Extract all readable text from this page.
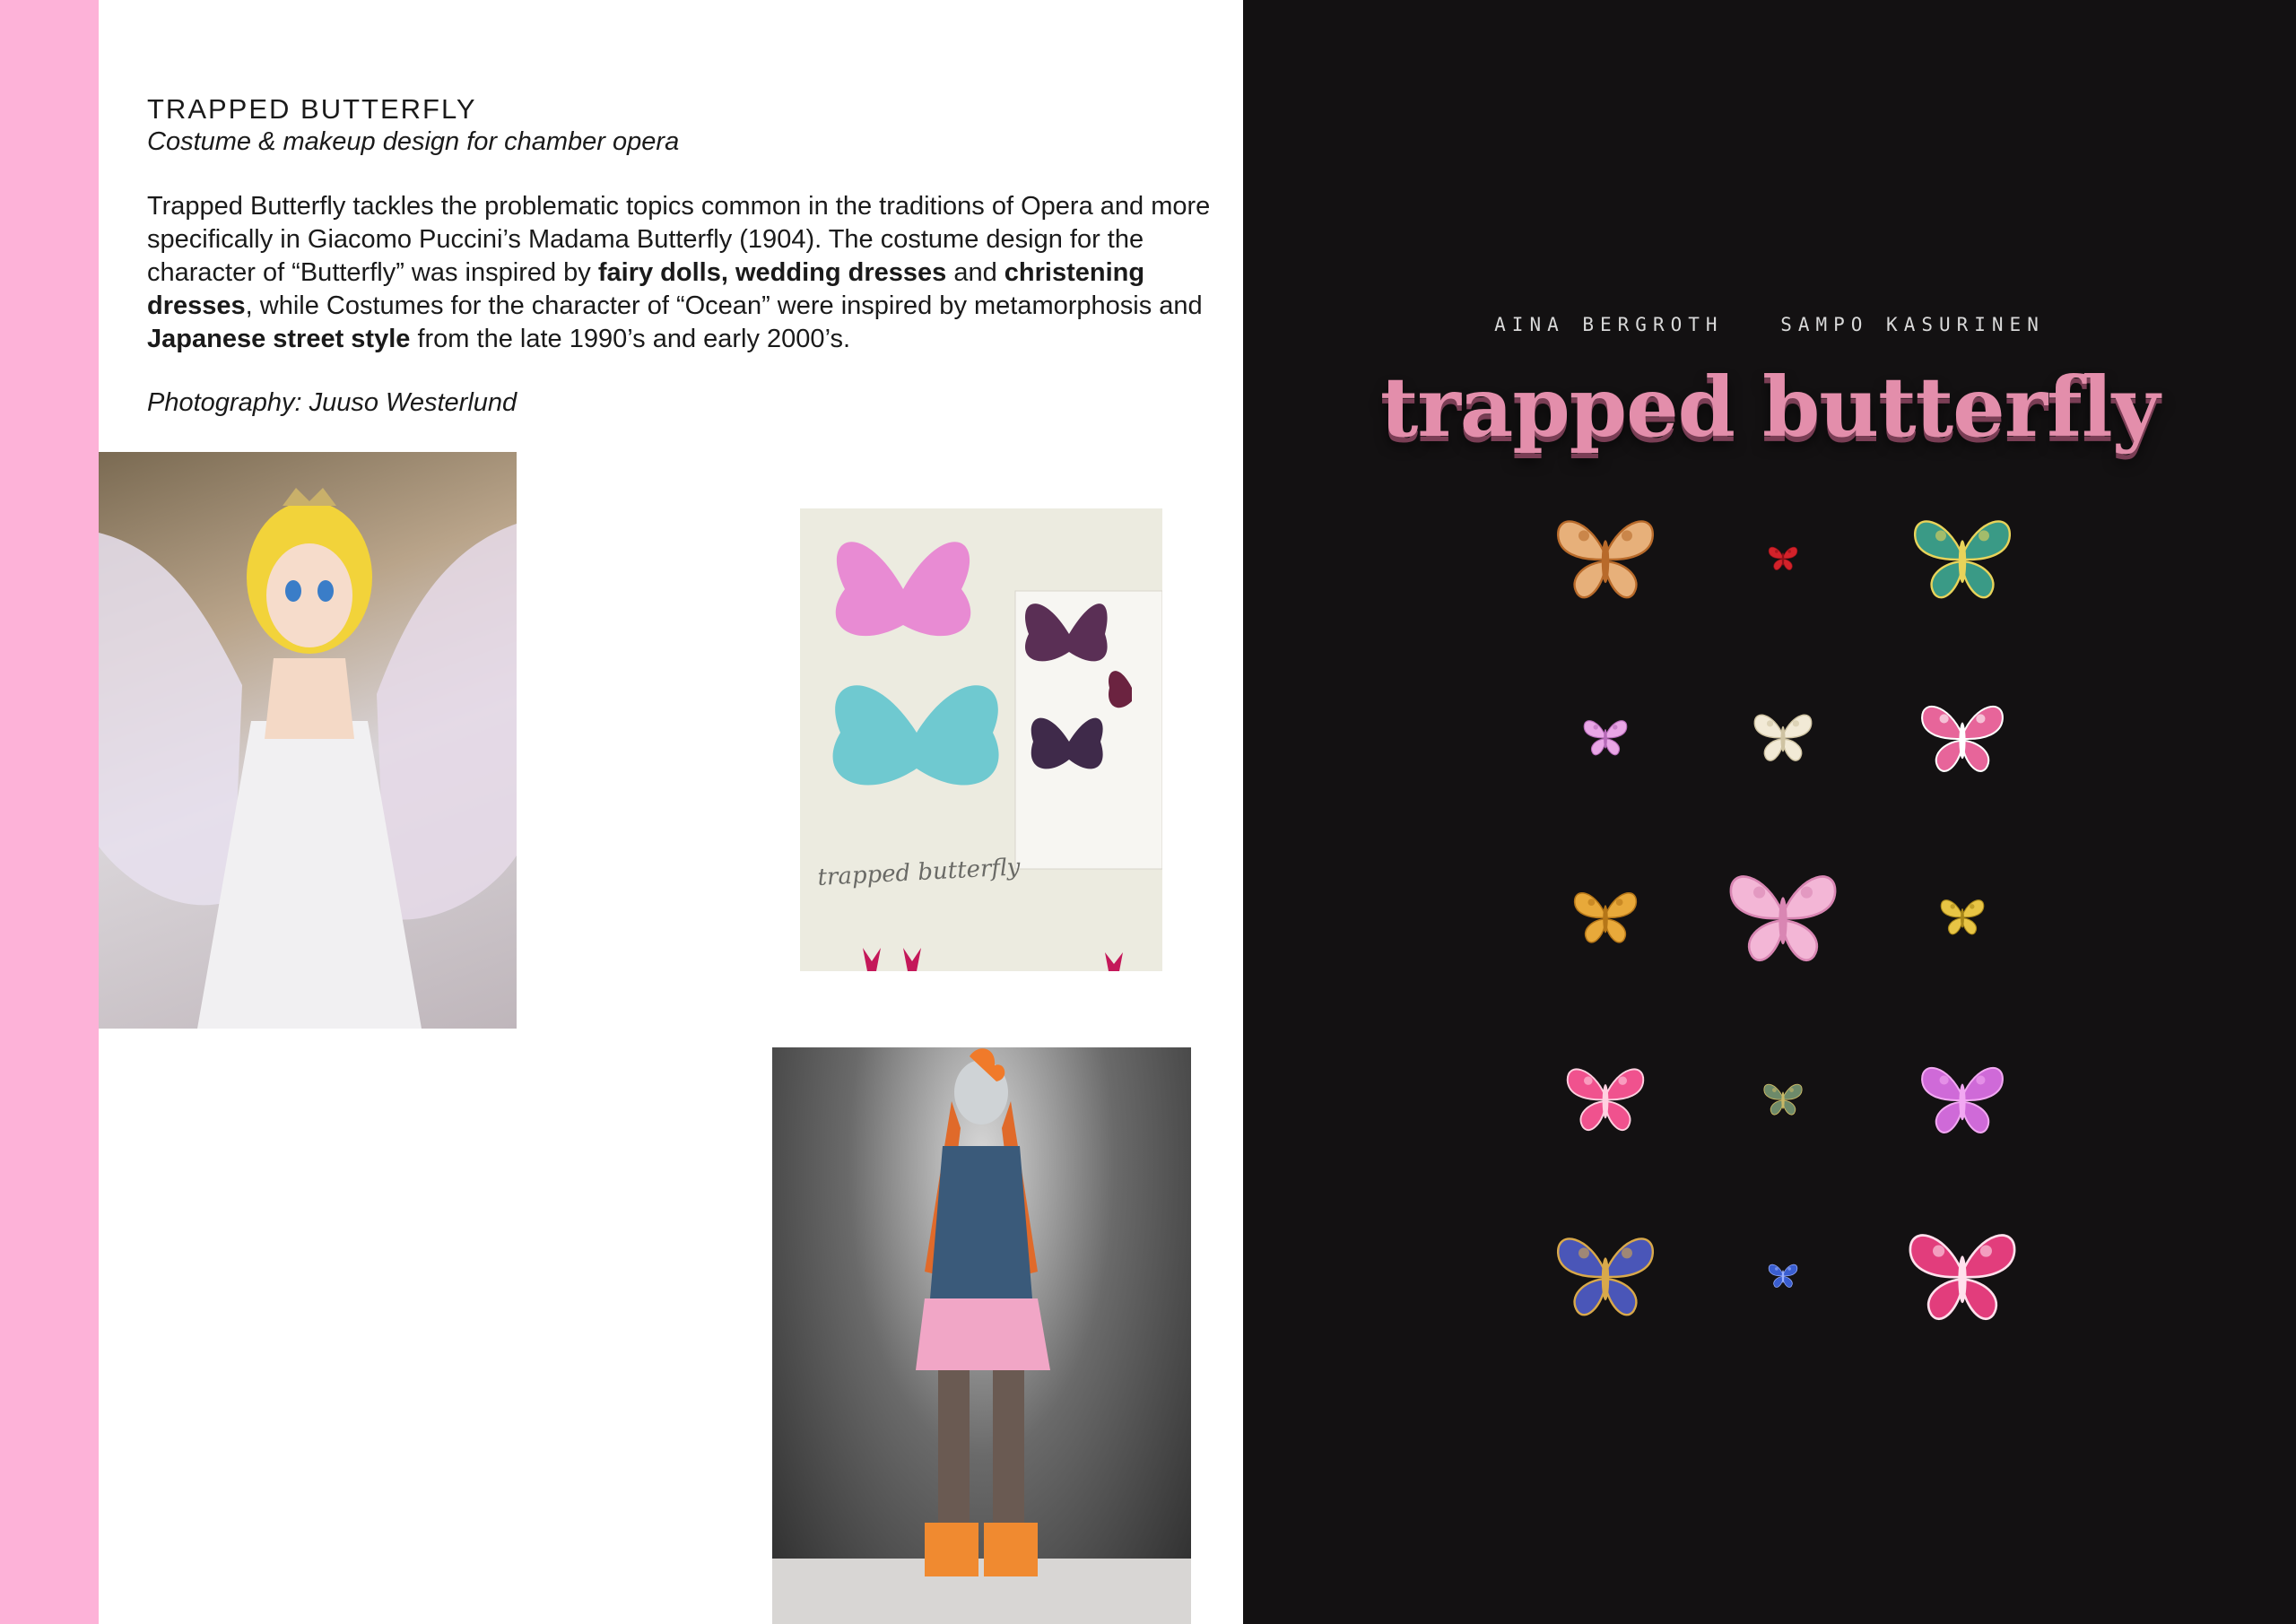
TRAPPED BUTTERFLY
Costume & makeup design for chamber opera
Trapped Butterfly tackles the problematic topics common in the traditions of Opera and more specifically in Giacomo Puccini’s Madama Butterfly (1904). The costume design for the character of “Butterfly” was inspired by fairy dolls, wedding dresses and christening dresses, while Costumes for the character of “Ocean” were inspired by metamorphosis and Japanese street style from the late 1990’s and early 2000’s.
Photography: Juuso Westerlund
trapped butterfly
AINA BERGROTH	SAMPO KASURINEN
trapped butterfly
